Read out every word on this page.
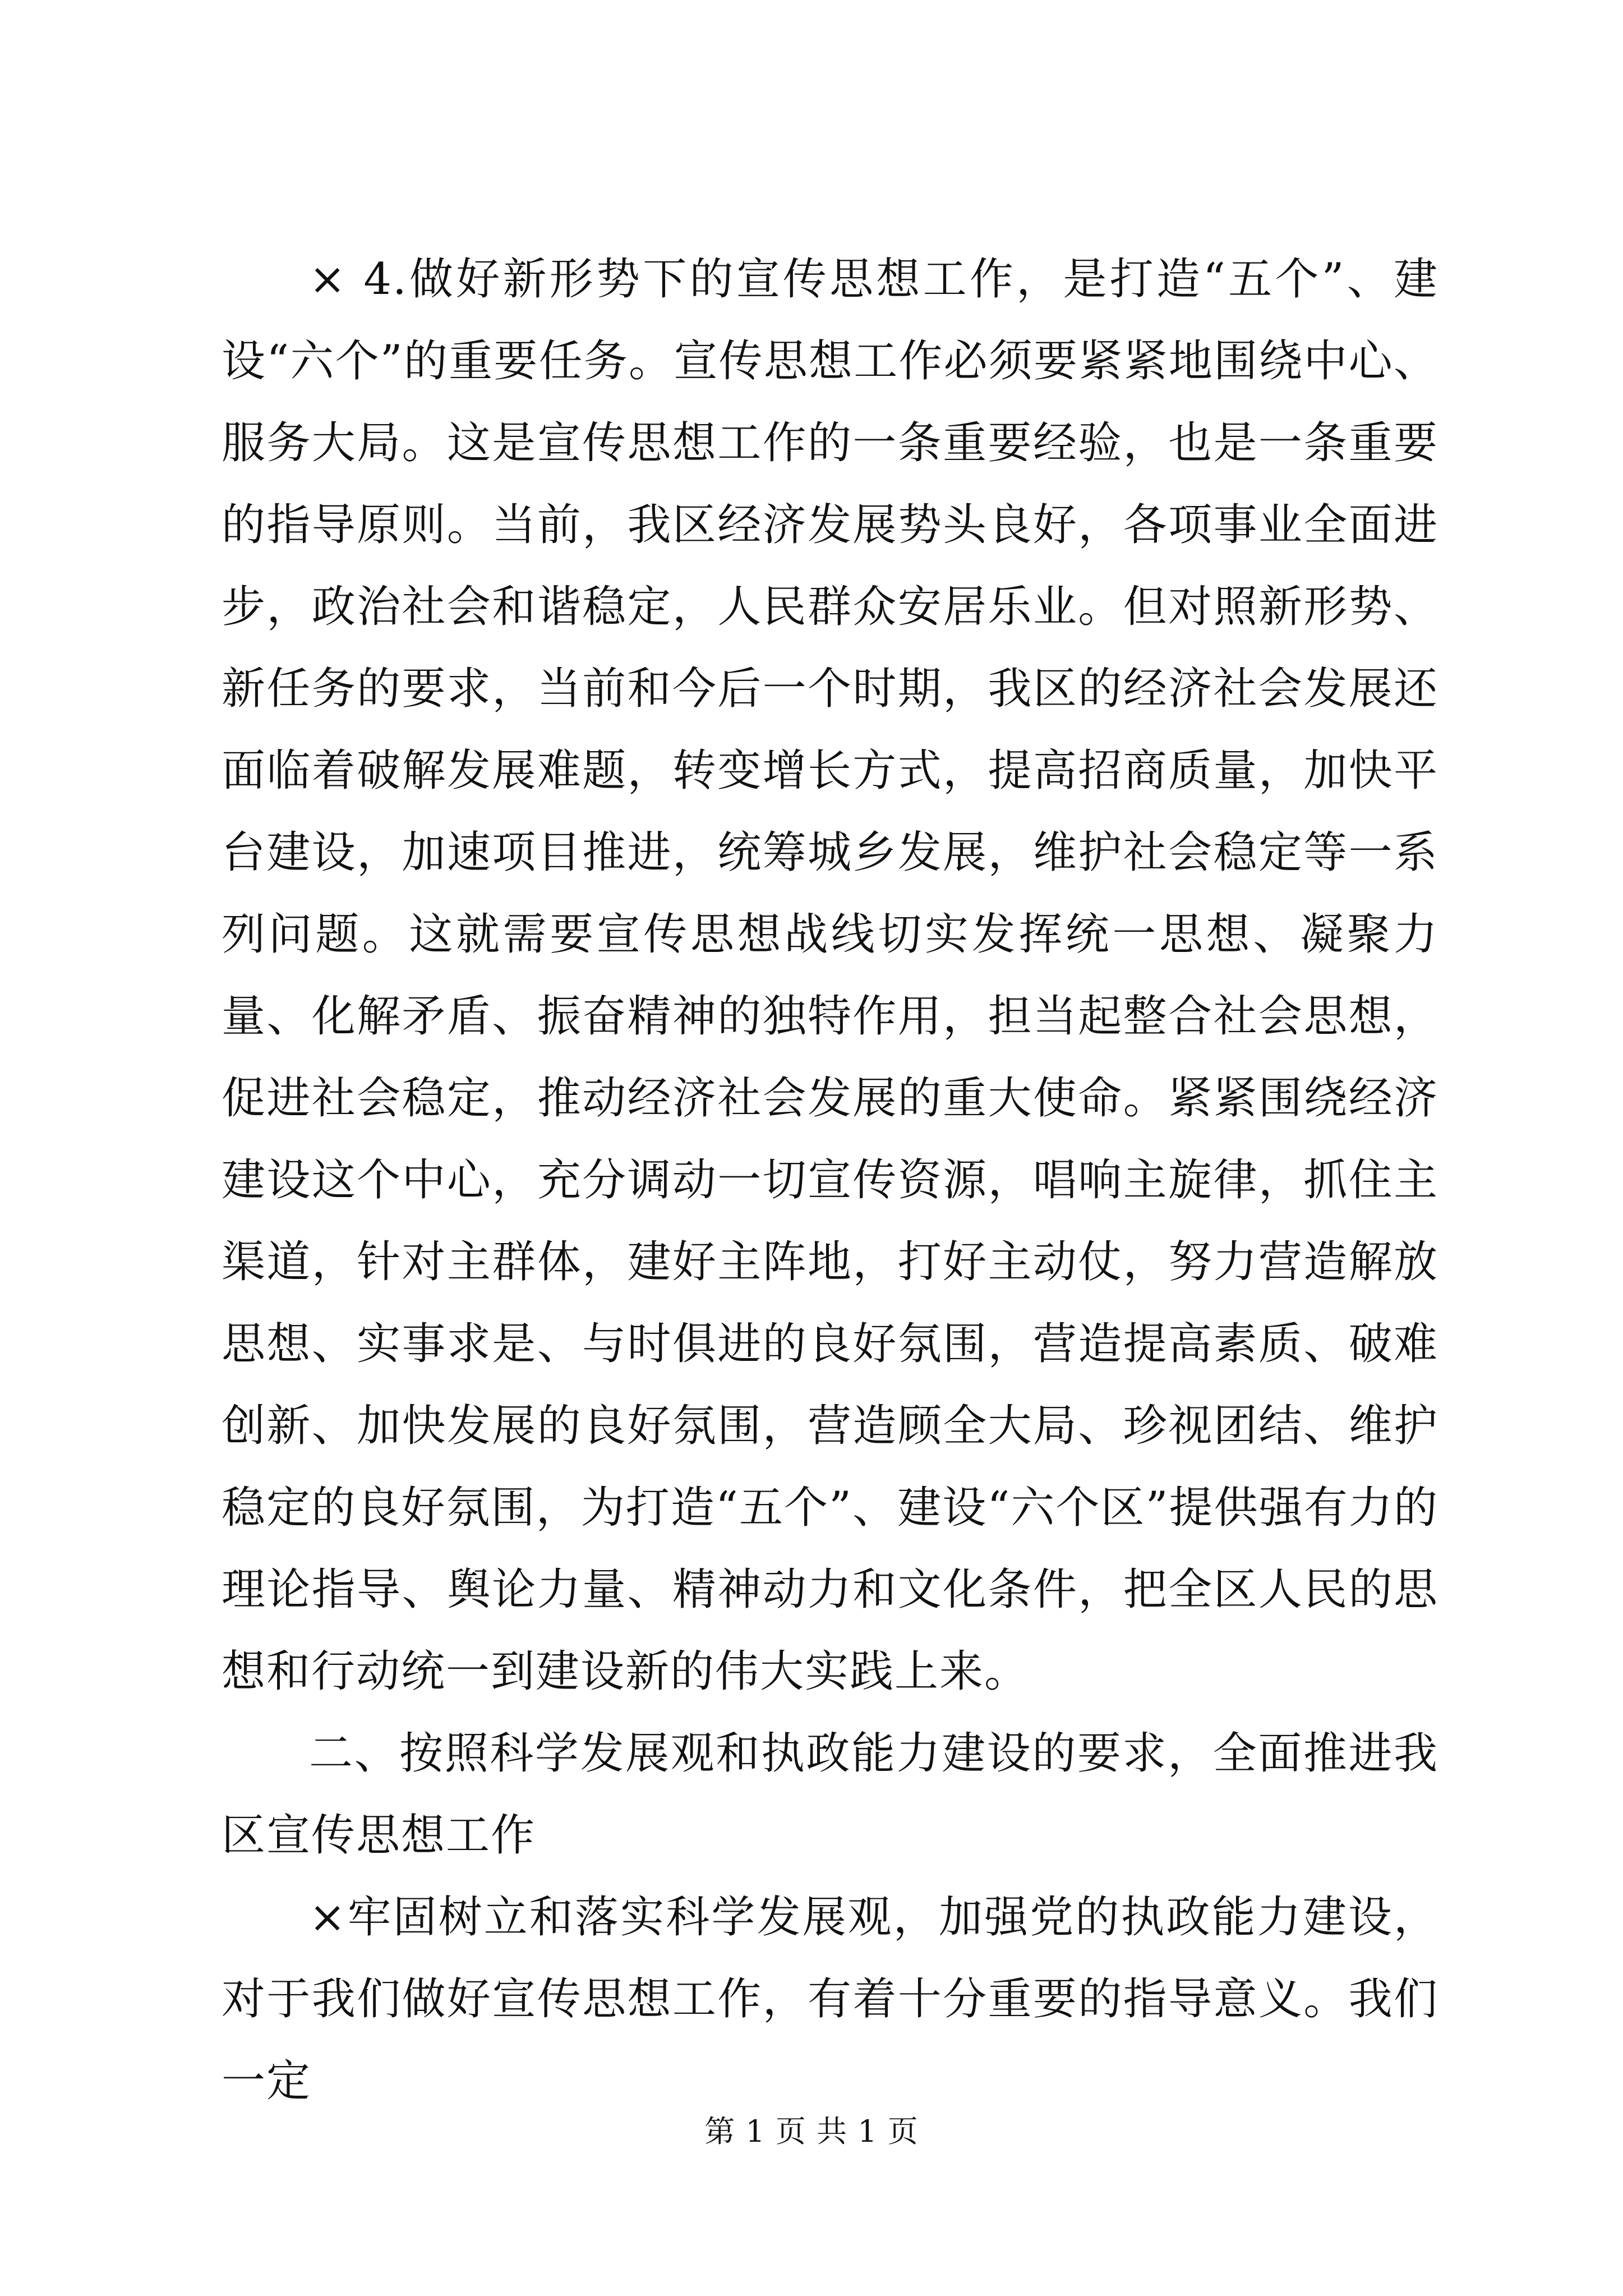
× 4.做好新形势下的宣传思想工作，是打造“五个”、建设“六个”的重要任务。宣传思想工作必须要紧紧地围绕中心、服务大局。这是宣传思想工作的一条重要经验，也是一条重要的指导原则。当前，我区经济发展势头良好，各项事业全面进步，政治社会和谐稳定，人民群众安居乐业。但对照新形势、新任务的要求，当前和今后一个时期，我区的经济社会发展还面临着破解发展难题，转变增长方式，提高招商质量，加快平台建设，加速项目推进，统筹城乡发展，维护社会稳定等一系列问题。这就需要宣传思想战线切实发挥统一思想、凝聚力量、化解矛盾、振奋精神的独特作用，担当起整合社会思想，促进社会稳定，推动经济社会发展的重大使命。紧紧围绕经济建设这个中心，充分调动一切宣传资源，唱响主旋律，抓住主渠道，针对主群体，建好主阵地，打好主动仗，努力营造解放思想、实事求是、与时俱进的良好氛围，营造提高素质、破难创新、加快发展的良好氛围，营造顾全大局、珍视团结、维护稳定的良好氛围，为打造“五个”、建设“六个区”提供强有力的理论指导、舆论力量、精神动力和文化条件，把全区人民的思想和行动统一到建设新的伟大实践上来。

二、按照科学发展观和执政能力建设的要求，全面推进我区宣传思想工作

×牢固树立和落实科学发展观，加强党的执政能力建设，对于我们做好宣传思想工作，有着十分重要的指导意义。我们一定

第 1 页 共 1 页
